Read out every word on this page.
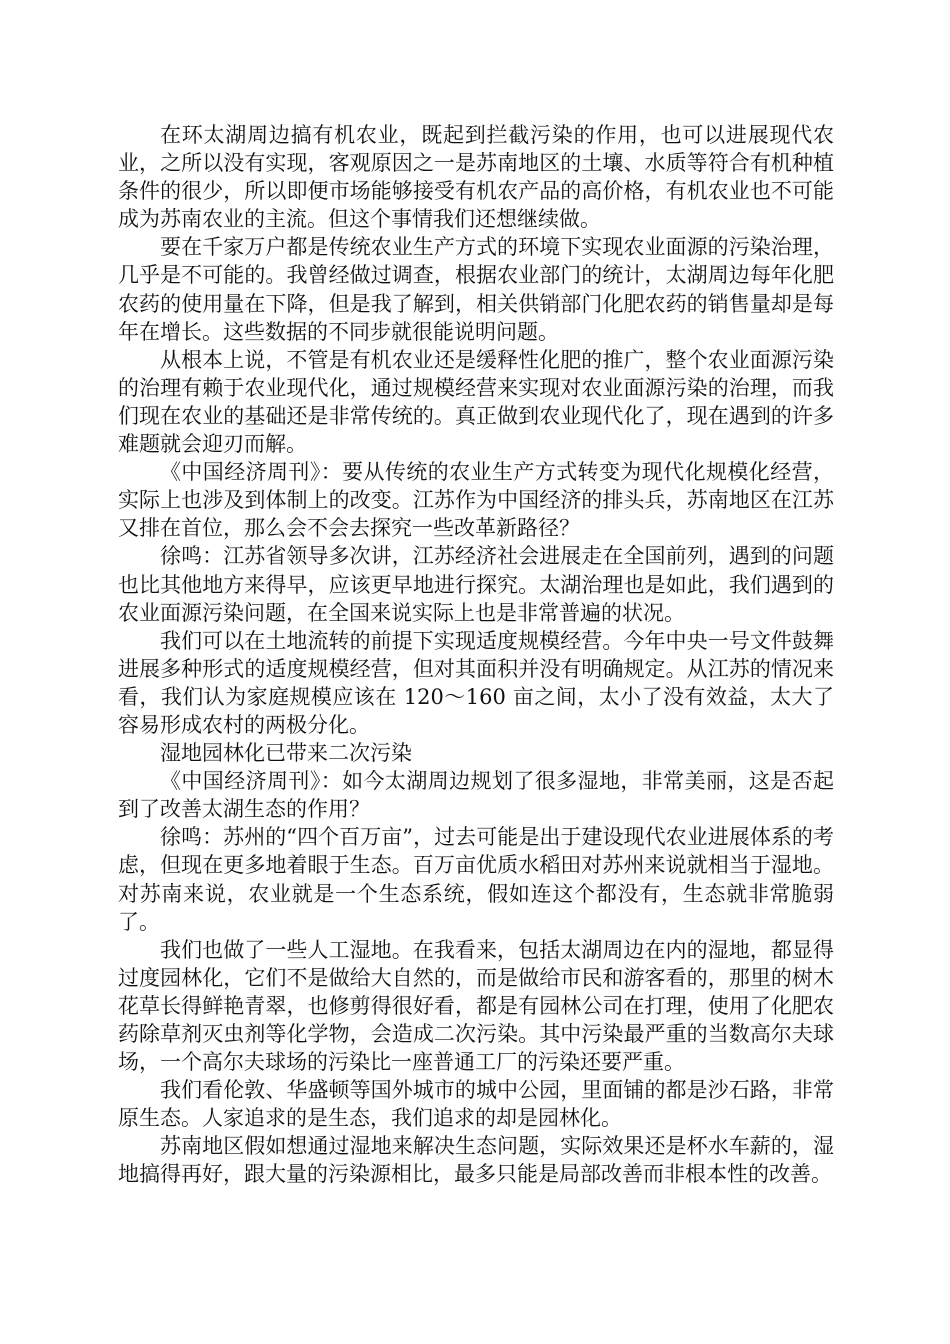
在环太湖周边搞有机农业，既起到拦截污染的作用，也可以进展现代农业，之所以没有实现，客观原因之一是苏南地区的土壤、水质等符合有机种植条件的很少，所以即便市场能够接受有机农产品的高价格，有机农业也不可能成为苏南农业的主流。但这个事情我们还想继续做。

要在千家万户都是传统农业生产方式的环境下实现农业面源的污染治理，几乎是不可能的。我曾经做过调查，根据农业部门的统计，太湖周边每年化肥农药的使用量在下降，但是我了解到，相关供销部门化肥农药的销售量却是每年在增长。这些数据的不同步就很能说明问题。

从根本上说，不管是有机农业还是缓释性化肥的推广，整个农业面源污染的治理有赖于农业现代化，通过规模经营来实现对农业面源污染的治理，而我们现在农业的基础还是非常传统的。真正做到农业现代化了，现在遇到的许多难题就会迎刃而解。

《中国经济周刊》：要从传统的农业生产方式转变为现代化规模化经营，实际上也涉及到体制上的改变。江苏作为中国经济的排头兵，苏南地区在江苏又排在首位，那么会不会去探究一些改革新路径？

徐鸣：江苏省领导多次讲，江苏经济社会进展走在全国前列，遇到的问题也比其他地方来得早，应该更早地进行探究。太湖治理也是如此，我们遇到的农业面源污染问题，在全国来说实际上也是非常普遍的状况。

我们可以在土地流转的前提下实现适度规模经营。今年中央一号文件鼓舞进展多种形式的适度规模经营，但对其面积并没有明确规定。从江苏的情况来看，我们认为家庭规模应该在 120～160 亩之间，太小了没有效益，太大了容易形成农村的两极分化。

湿地园林化已带来二次污染

《中国经济周刊》：如今太湖周边规划了很多湿地，非常美丽，这是否起到了改善太湖生态的作用？

徐鸣：苏州的“四个百万亩”，过去可能是出于建设现代农业进展体系的考虑，但现在更多地着眼于生态。百万亩优质水稻田对苏州来说就相当于湿地。对苏南来说，农业就是一个生态系统，假如连这个都没有，生态就非常脆弱了。

我们也做了一些人工湿地。在我看来，包括太湖周边在内的湿地，都显得过度园林化，它们不是做给大自然的，而是做给市民和游客看的，那里的树木花草长得鲜艳青翠，也修剪得很好看，都是有园林公司在打理，使用了化肥农药除草剂灭虫剂等化学物，会造成二次污染。其中污染最严重的当数高尔夫球场，一个高尔夫球场的污染比一座普通工厂的污染还要严重。

我们看伦敦、华盛顿等国外城市的城中公园，里面铺的都是沙石路，非常原生态。人家追求的是生态，我们追求的却是园林化。

苏南地区假如想通过湿地来解决生态问题，实际效果还是杯水车薪的，湿地搞得再好，跟大量的污染源相比，最多只能是局部改善而非根本性的改善。
